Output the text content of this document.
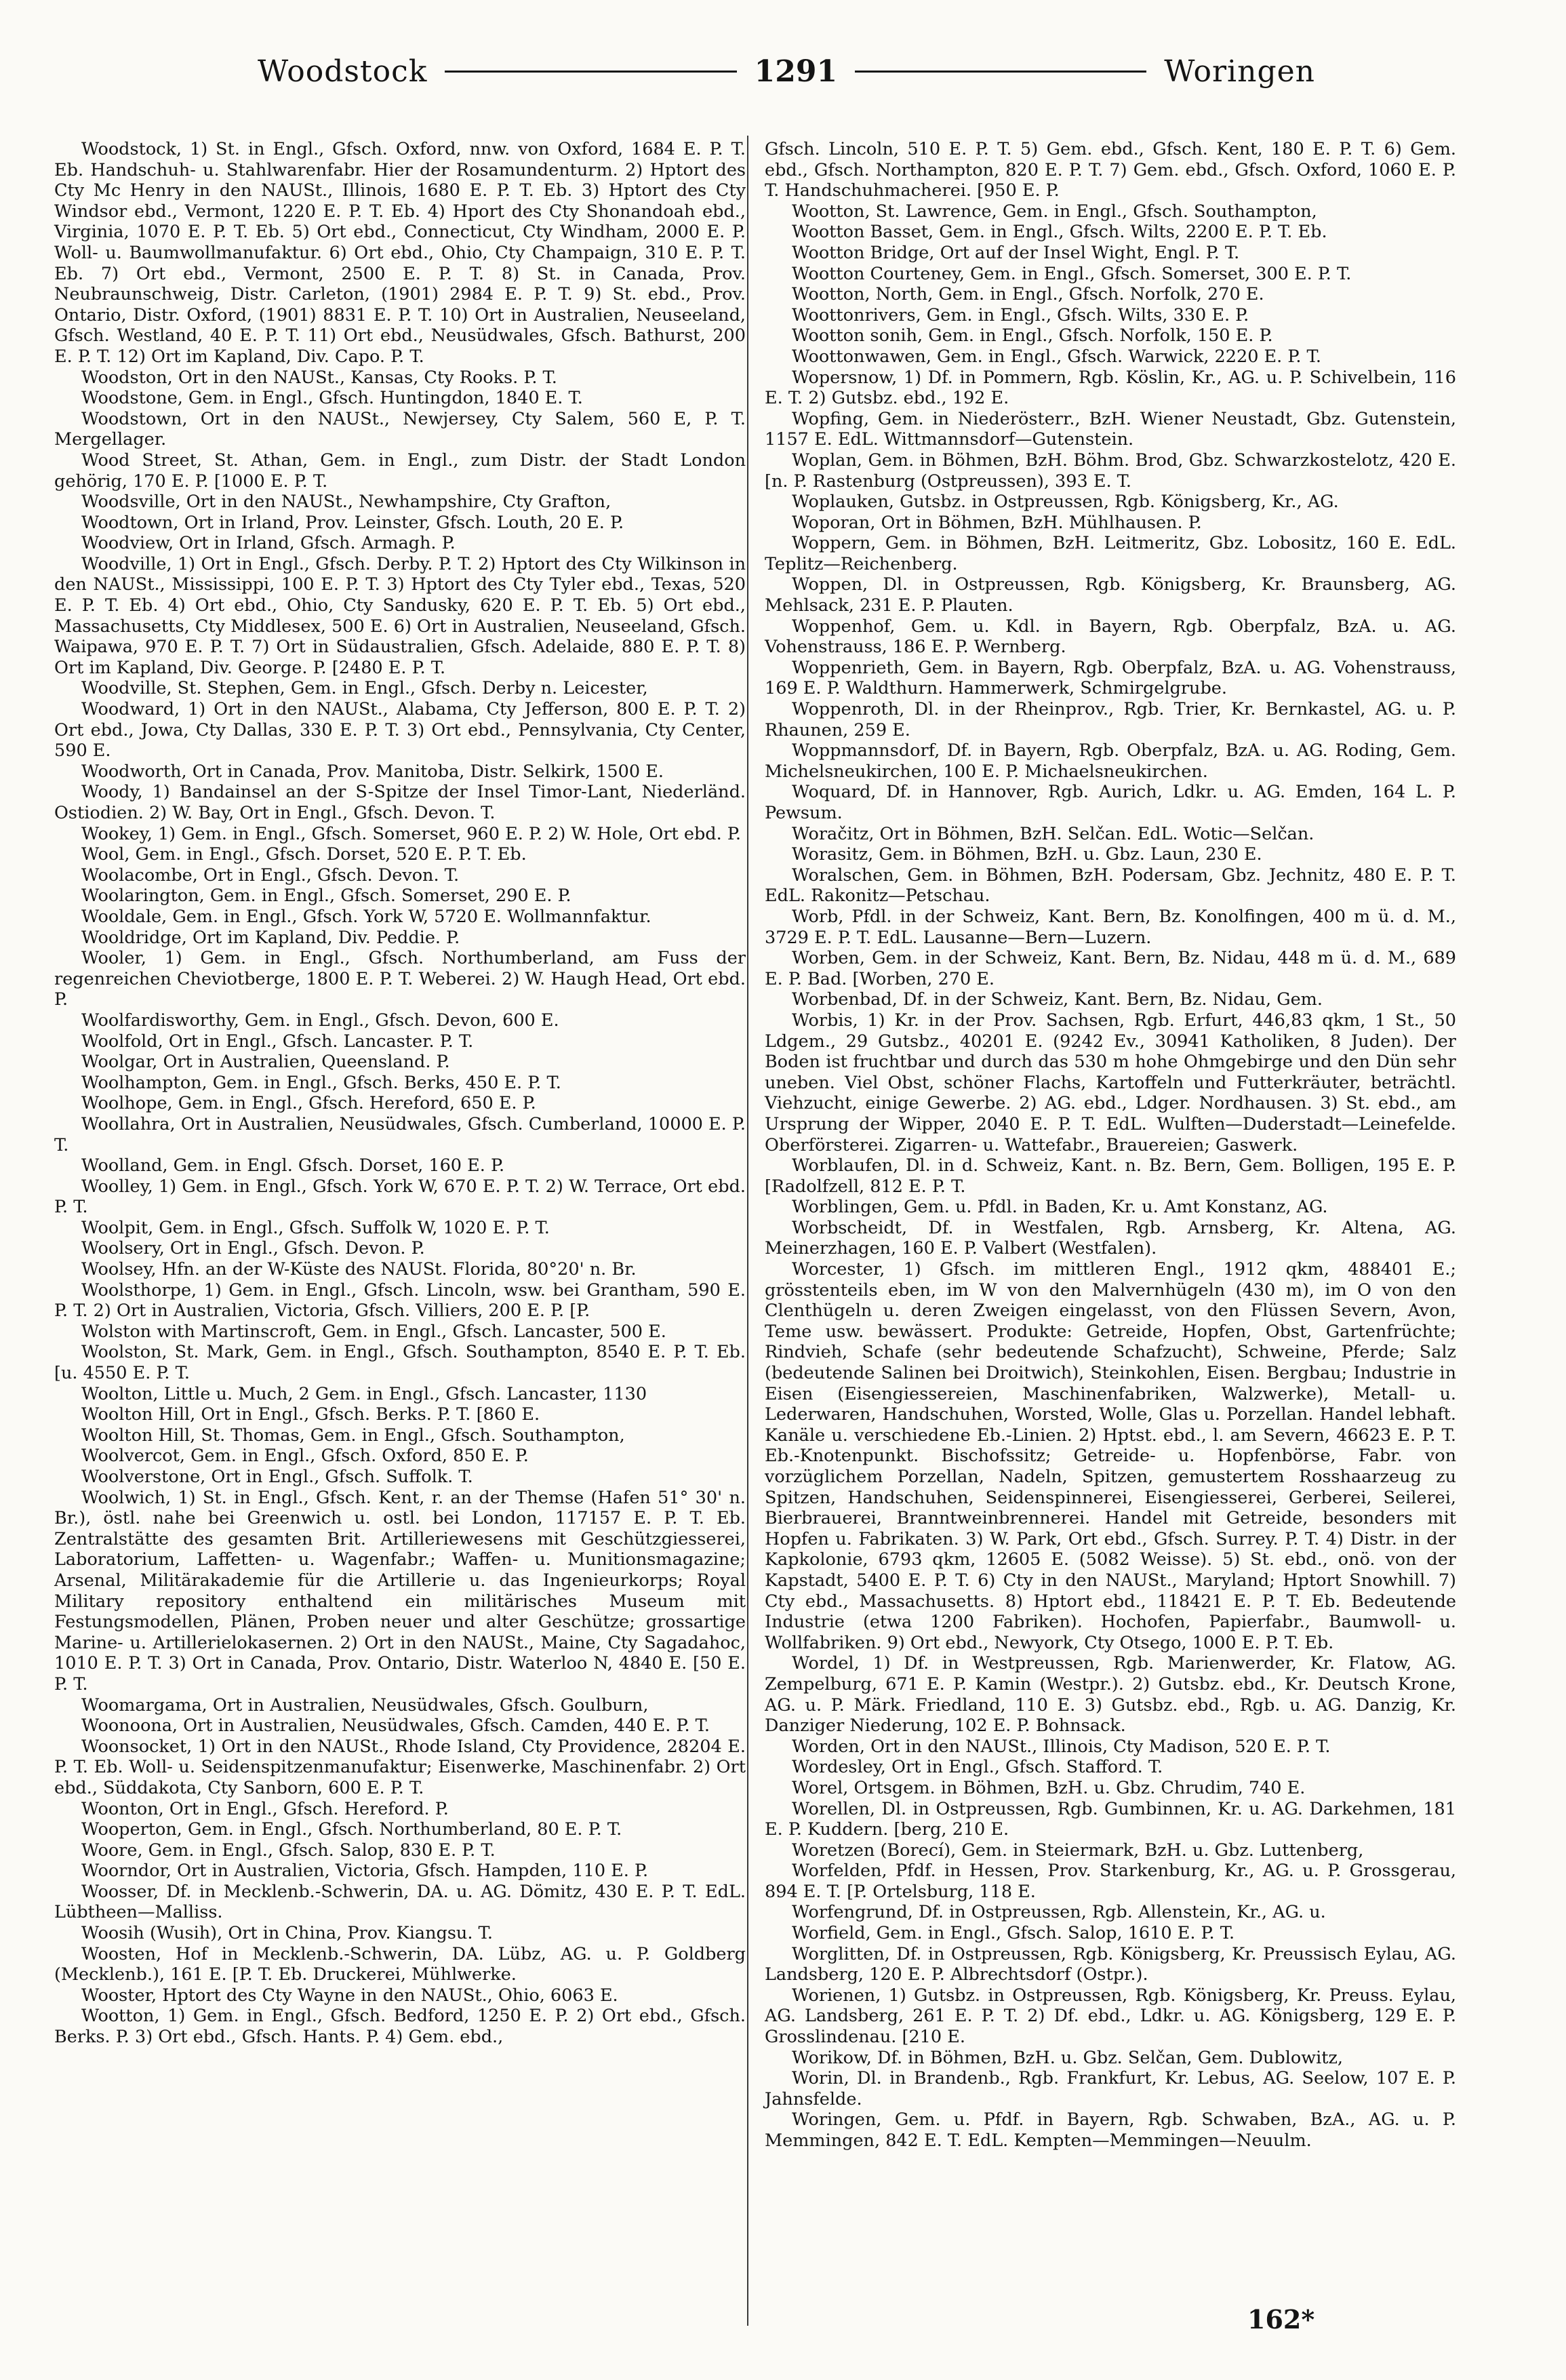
Woodstock	1291	Woringen

Woodstock, 1) St. in Engl., Gfsch. Oxford, nnw. von Oxford, 1684 E. P. T. Eb. Handschuh- u. Stahlwarenfabr. Hier der Rosamundenturm. 2) Hptort des Cty Mc Henry in den NAUSt., Illinois, 1680 E. P. T. Eb. 3) Hptort des Cty Windsor ebd., Vermont, 1220 E. P. T. Eb. 4) Hport des Cty Shonandoah ebd., Virginia, 1070 E. P. T. Eb. 5) Ort ebd., Connecticut, Cty Windham, 2000 E. P. Woll- u. Baumwollmanufaktur. 6) Ort ebd., Ohio, Cty Champaign, 310 E. P. T. Eb. 7) Ort ebd., Vermont, 2500 E. P. T. 8) St. in Canada, Prov. Neubraunschweig, Distr. Carleton, (1901) 2984 E. P. T. 9) St. ebd., Prov. Ontario, Distr. Oxford, (1901) 8831 E. P. T. 10) Ort in Australien, Neuseeland, Gfsch. Westland, 40 E. P. T. 11) Ort ebd., Neusüdwales, Gfsch. Bathurst, 200 E. P. T. 12) Ort im Kapland, Div. Capo. P. T.

Woodston, Ort in den NAUSt., Kansas, Cty Rooks. P. T.

Woodstone, Gem. in Engl., Gfsch. Huntingdon, 1840 E. T.

Woodstown, Ort in den NAUSt., Newjersey, Cty Salem, 560 E, P. T. Mergellager.

Wood Street, St. Athan, Gem. in Engl., zum Distr. der Stadt London gehörig, 170 E. P. [1000 E. P. T.

Woodsville, Ort in den NAUSt., Newhampshire, Cty Grafton,

Woodtown, Ort in Irland, Prov. Leinster, Gfsch. Louth, 20 E. P.

Woodview, Ort in Irland, Gfsch. Armagh. P.

Woodville, 1) Ort in Engl., Gfsch. Derby. P. T. 2) Hptort des Cty Wilkinson in den NAUSt., Mississippi, 100 E. P. T. 3) Hptort des Cty Tyler ebd., Texas, 520 E. P. T. Eb. 4) Ort ebd., Ohio, Cty Sandusky, 620 E. P. T. Eb. 5) Ort ebd., Massachusetts, Cty Middlesex, 500 E. 6) Ort in Australien, Neuseeland, Gfsch. Waipawa, 970 E. P. T. 7) Ort in Südaustralien, Gfsch. Adelaide, 880 E. P. T. 8) Ort im Kapland, Div. George. P. [2480 E. P. T.

Woodville, St. Stephen, Gem. in Engl., Gfsch. Derby n. Leicester,

Woodward, 1) Ort in den NAUSt., Alabama, Cty Jefferson, 800 E. P. T. 2) Ort ebd., Jowa, Cty Dallas, 330 E. P. T. 3) Ort ebd., Pennsylvania, Cty Center, 590 E.

Woodworth, Ort in Canada, Prov. Manitoba, Distr. Selkirk, 1500 E.

Woody, 1) Bandainsel an der S-Spitze der Insel Timor-Lant, Niederländ. Ostiodien. 2) W. Bay, Ort in Engl., Gfsch. Devon. T.

Wookey, 1) Gem. in Engl., Gfsch. Somerset, 960 E. P. 2) W. Hole, Ort ebd. P.

Wool, Gem. in Engl., Gfsch. Dorset, 520 E. P. T. Eb.

Woolacombe, Ort in Engl., Gfsch. Devon. T.

Woolarington, Gem. in Engl., Gfsch. Somerset, 290 E. P.

Wooldale, Gem. in Engl., Gfsch. York W, 5720 E. Wollmannfaktur.

Wooldridge, Ort im Kapland, Div. Peddie. P.

Wooler, 1) Gem. in Engl., Gfsch. Northumberland, am Fuss der regenreichen Cheviotberge, 1800 E. P. T. Weberei. 2) W. Haugh Head, Ort ebd. P.

Woolfardisworthy, Gem. in Engl., Gfsch. Devon, 600 E.

Woolfold, Ort in Engl., Gfsch. Lancaster. P. T.

Woolgar, Ort in Australien, Queensland. P.

Woolhampton, Gem. in Engl., Gfsch. Berks, 450 E. P. T.

Woolhope, Gem. in Engl., Gfsch. Hereford, 650 E. P.

Woollahra, Ort in Australien, Neusüdwales, Gfsch. Cumberland, 10000 E. P. T.

Woolland, Gem. in Engl. Gfsch. Dorset, 160 E. P.

Woolley, 1) Gem. in Engl., Gfsch. York W, 670 E. P. T. 2) W. Terrace, Ort ebd. P. T.

Woolpit, Gem. in Engl., Gfsch. Suffolk W, 1020 E. P. T.

Woolsery, Ort in Engl., Gfsch. Devon. P.

Woolsey, Hfn. an der W-Küste des NAUSt. Florida, 80°20' n. Br.

Woolsthorpe, 1) Gem. in Engl., Gfsch. Lincoln, wsw. bei Grantham, 590 E. P. T. 2) Ort in Australien, Victoria, Gfsch. Villiers, 200 E. P. [P.

Wolston with Martinscroft, Gem. in Engl., Gfsch. Lancaster, 500 E.

Woolston, St. Mark, Gem. in Engl., Gfsch. Southampton, 8540 E. P. T. Eb. [u. 4550 E. P. T.

Woolton, Little u. Much, 2 Gem. in Engl., Gfsch. Lancaster, 1130

Woolton Hill, Ort in Engl., Gfsch. Berks. P. T. [860 E.

Woolton Hill, St. Thomas, Gem. in Engl., Gfsch. Southampton,

Woolvercot, Gem. in Engl., Gfsch. Oxford, 850 E. P.

Woolverstone, Ort in Engl., Gfsch. Suffolk. T.

Woolwich, 1) St. in Engl., Gfsch. Kent, r. an der Themse (Hafen 51° 30' n. Br.), östl. nahe bei Greenwich u. ostl. bei London, 117157 E. P. T. Eb. Zentralstätte des gesamten Brit. Artilleriewesens mit Geschützgiesserei, Laboratorium, Laffetten- u. Wagenfabr.; Waffen- u. Munitionsmagazine; Arsenal, Militärakademie für die Artillerie u. das Ingenieurkorps; Royal Military repository enthaltend ein militärisches Museum mit Festungsmodellen, Plänen, Proben neuer und alter Geschütze; grossartige Marine- u. Artillerielokasernen. 2) Ort in den NAUSt., Maine, Cty Sagadahoc, 1010 E. P. T. 3) Ort in Canada, Prov. Ontario, Distr. Waterloo N, 4840 E. [50 E. P. T.

Woomargama, Ort in Australien, Neusüdwales, Gfsch. Goulburn,

Woonoona, Ort in Australien, Neusüdwales, Gfsch. Camden, 440 E. P. T.

Woonsocket, 1) Ort in den NAUSt., Rhode Island, Cty Providence, 28204 E. P. T. Eb. Woll- u. Seidenspitzenmanufaktur; Eisenwerke, Maschinenfabr. 2) Ort ebd., Süddakota, Cty Sanborn, 600 E. P. T.

Woonton, Ort in Engl., Gfsch. Hereford. P.

Wooperton, Gem. in Engl., Gfsch. Northumberland, 80 E. P. T.

Woore, Gem. in Engl., Gfsch. Salop, 830 E. P. T.

Woorndor, Ort in Australien, Victoria, Gfsch. Hampden, 110 E. P.

Woosser, Df. in Mecklenb.-Schwerin, DA. u. AG. Dömitz, 430 E. P. T. EdL. Lübtheen—Malliss.

Woosih (Wusih), Ort in China, Prov. Kiangsu. T.

Woosten, Hof in Mecklenb.-Schwerin, DA. Lübz, AG. u. P. Goldberg (Mecklenb.), 161 E. [P. T. Eb. Druckerei, Mühlwerke.

Wooster, Hptort des Cty Wayne in den NAUSt., Ohio, 6063 E.

Wootton, 1) Gem. in Engl., Gfsch. Bedford, 1250 E. P. 2) Ort ebd., Gfsch. Berks. P. 3) Ort ebd., Gfsch. Hants. P. 4) Gem. ebd.,

Gfsch. Lincoln, 510 E. P. T. 5) Gem. ebd., Gfsch. Kent, 180 E. P. T. 6) Gem. ebd., Gfsch. Northampton, 820 E. P. T. 7) Gem. ebd., Gfsch. Oxford, 1060 E. P. T. Handschuhmacherei. [950 E. P.

Wootton, St. Lawrence, Gem. in Engl., Gfsch. Southampton,

Wootton Basset, Gem. in Engl., Gfsch. Wilts, 2200 E. P. T. Eb.

Wootton Bridge, Ort auf der Insel Wight, Engl. P. T.

Wootton Courteney, Gem. in Engl., Gfsch. Somerset, 300 E. P. T.

Wootton, North, Gem. in Engl., Gfsch. Norfolk, 270 E.

Woottonrivers, Gem. in Engl., Gfsch. Wilts, 330 E. P.

Wootton sonih, Gem. in Engl., Gfsch. Norfolk, 150 E. P.

Woottonwawen, Gem. in Engl., Gfsch. Warwick, 2220 E. P. T.

Wopersnow, 1) Df. in Pommern, Rgb. Köslin, Kr., AG. u. P. Schivelbein, 116 E. T. 2) Gutsbz. ebd., 192 E.

Wopfing, Gem. in Niederösterr., BzH. Wiener Neustadt, Gbz. Gutenstein, 1157 E. EdL. Wittmannsdorf—Gutenstein.

Woplan, Gem. in Böhmen, BzH. Böhm. Brod, Gbz. Schwarzkostelotz, 420 E. [n. P. Rastenburg (Ostpreussen), 393 E. T.

Woplauken, Gutsbz. in Ostpreussen, Rgb. Königsberg, Kr., AG.

Woporan, Ort in Böhmen, BzH. Mühlhausen. P.

Woppern, Gem. in Böhmen, BzH. Leitmeritz, Gbz. Lobositz, 160 E. EdL. Teplitz—Reichenberg.

Woppen, Dl. in Ostpreussen, Rgb. Königsberg, Kr. Braunsberg, AG. Mehlsack, 231 E. P. Plauten.

Woppenhof, Gem. u. Kdl. in Bayern, Rgb. Oberpfalz, BzA. u. AG. Vohenstrauss, 186 E. P. Wernberg.

Woppenrieth, Gem. in Bayern, Rgb. Oberpfalz, BzA. u. AG. Vohenstrauss, 169 E. P. Waldthurn. Hammerwerk, Schmirgelgrube.

Woppenroth, Dl. in der Rheinprov., Rgb. Trier, Kr. Bernkastel, AG. u. P. Rhaunen, 259 E.

Woppmannsdorf, Df. in Bayern, Rgb. Oberpfalz, BzA. u. AG. Roding, Gem. Michelsneukirchen, 100 E. P. Michaelsneukirchen.

Woquard, Df. in Hannover, Rgb. Aurich, Ldkr. u. AG. Emden, 164 L. P. Pewsum.

Woračitz, Ort in Böhmen, BzH. Selčan. EdL. Wotic—Selčan.

Worasitz, Gem. in Böhmen, BzH. u. Gbz. Laun, 230 E.

Woralschen, Gem. in Böhmen, BzH. Podersam, Gbz. Jechnitz, 480 E. P. T. EdL. Rakonitz—Petschau.

Worb, Pfdl. in der Schweiz, Kant. Bern, Bz. Konolfingen, 400 m ü. d. M., 3729 E. P. T. EdL. Lausanne—Bern—Luzern.

Worben, Gem. in der Schweiz, Kant. Bern, Bz. Nidau, 448 m ü. d. M., 689 E. P. Bad. [Worben, 270 E.

Worbenbad, Df. in der Schweiz, Kant. Bern, Bz. Nidau, Gem.

Worbis, 1) Kr. in der Prov. Sachsen, Rgb. Erfurt, 446,83 qkm, 1 St., 50 Ldgem., 29 Gutsbz., 40201 E. (9242 Ev., 30941 Katholiken, 8 Juden). Der Boden ist fruchtbar und durch das 530 m hohe Ohmgebirge und den Dün sehr uneben. Viel Obst, schöner Flachs, Kartoffeln und Futterkräuter, beträchtl. Viehzucht, einige Gewerbe. 2) AG. ebd., Ldger. Nordhausen. 3) St. ebd., am Ursprung der Wipper, 2040 E. P. T. EdL. Wulften—Duderstadt—Leinefelde. Oberförsterei. Zigarren- u. Wattefabr., Brauereien; Gaswerk.

Worblaufen, Dl. in d. Schweiz, Kant. n. Bz. Bern, Gem. Bolligen, 195 E. P. [Radolfzell, 812 E. P. T.

Worblingen, Gem. u. Pfdl. in Baden, Kr. u. Amt Konstanz, AG.

Worbscheidt, Df. in Westfalen, Rgb. Arnsberg, Kr. Altena, AG. Meinerzhagen, 160 E. P. Valbert (Westfalen).

Worcester, 1) Gfsch. im mittleren Engl., 1912 qkm, 488401 E.; grösstenteils eben, im W von den Malvernhügeln (430 m), im O von den Clenthügeln u. deren Zweigen eingelasst, von den Flüssen Severn, Avon, Teme usw. bewässert. Produkte: Getreide, Hopfen, Obst, Gartenfrüchte; Rindvieh, Schafe (sehr bedeutende Schafzucht), Schweine, Pferde; Salz (bedeutende Salinen bei Droitwich), Steinkohlen, Eisen. Bergbau; Industrie in Eisen (Eisengiessereien, Maschinenfabriken, Walzwerke), Metall- u. Lederwaren, Handschuhen, Worsted, Wolle, Glas u. Porzellan. Handel lebhaft. Kanäle u. verschiedene Eb.-Linien. 2) Hptst. ebd., l. am Severn, 46623 E. P. T. Eb.-Knotenpunkt. Bischofssitz; Getreide- u. Hopfenbörse, Fabr. von vorzüglichem Porzellan, Nadeln, Spitzen, gemustertem Rosshaarzeug zu Spitzen, Handschuhen, Seidenspinnerei, Eisengiesserei, Gerberei, Seilerei, Bierbrauerei, Branntweinbrennerei. Handel mit Getreide, besonders mit Hopfen u. Fabrikaten. 3) W. Park, Ort ebd., Gfsch. Surrey. P. T. 4) Distr. in der Kapkolonie, 6793 qkm, 12605 E. (5082 Weisse). 5) St. ebd., onö. von der Kapstadt, 5400 E. P. T. 6) Cty in den NAUSt., Maryland; Hptort Snowhill. 7) Cty ebd., Massachusetts. 8) Hptort ebd., 118421 E. P. T. Eb. Bedeutende Industrie (etwa 1200 Fabriken). Hochofen, Papierfabr., Baumwoll- u. Wollfabriken. 9) Ort ebd., Newyork, Cty Otsego, 1000 E. P. T. Eb.

Wordel, 1) Df. in Westpreussen, Rgb. Marienwerder, Kr. Flatow, AG. Zempelburg, 671 E. P. Kamin (Westpr.). 2) Gutsbz. ebd., Kr. Deutsch Krone, AG. u. P. Märk. Friedland, 110 E. 3) Gutsbz. ebd., Rgb. u. AG. Danzig, Kr. Danziger Niederung, 102 E. P. Bohnsack.

Worden, Ort in den NAUSt., Illinois, Cty Madison, 520 E. P. T.

Wordesley, Ort in Engl., Gfsch. Stafford. T.

Worel, Ortsgem. in Böhmen, BzH. u. Gbz. Chrudim, 740 E.

Worellen, Dl. in Ostpreussen, Rgb. Gumbinnen, Kr. u. AG. Darkehmen, 181 E. P. Kuddern. [berg, 210 E.

Woretzen (Borecí), Gem. in Steiermark, BzH. u. Gbz. Luttenberg,

Worfelden, Pfdf. in Hessen, Prov. Starkenburg, Kr., AG. u. P. Grossgerau, 894 E. T. [P. Ortelsburg, 118 E.

Worfengrund, Df. in Ostpreussen, Rgb. Allenstein, Kr., AG. u.

Worfield, Gem. in Engl., Gfsch. Salop, 1610 E. P. T.

Worglitten, Df. in Ostpreussen, Rgb. Königsberg, Kr. Preussisch Eylau, AG. Landsberg, 120 E. P. Albrechtsdorf (Ostpr.).

Worienen, 1) Gutsbz. in Ostpreussen, Rgb. Königsberg, Kr. Preuss. Eylau, AG. Landsberg, 261 E. P. T. 2) Df. ebd., Ldkr. u. AG. Königsberg, 129 E. P. Grosslindenau. [210 E.

Worikow, Df. in Böhmen, BzH. u. Gbz. Selčan, Gem. Dublowitz,

Worin, Dl. in Brandenb., Rgb. Frankfurt, Kr. Lebus, AG. Seelow, 107 E. P. Jahnsfelde.

Woringen, Gem. u. Pfdf. in Bayern, Rgb. Schwaben, BzA., AG. u. P. Memmingen, 842 E. T. EdL. Kempten—Memmingen—Neuulm.

162*
